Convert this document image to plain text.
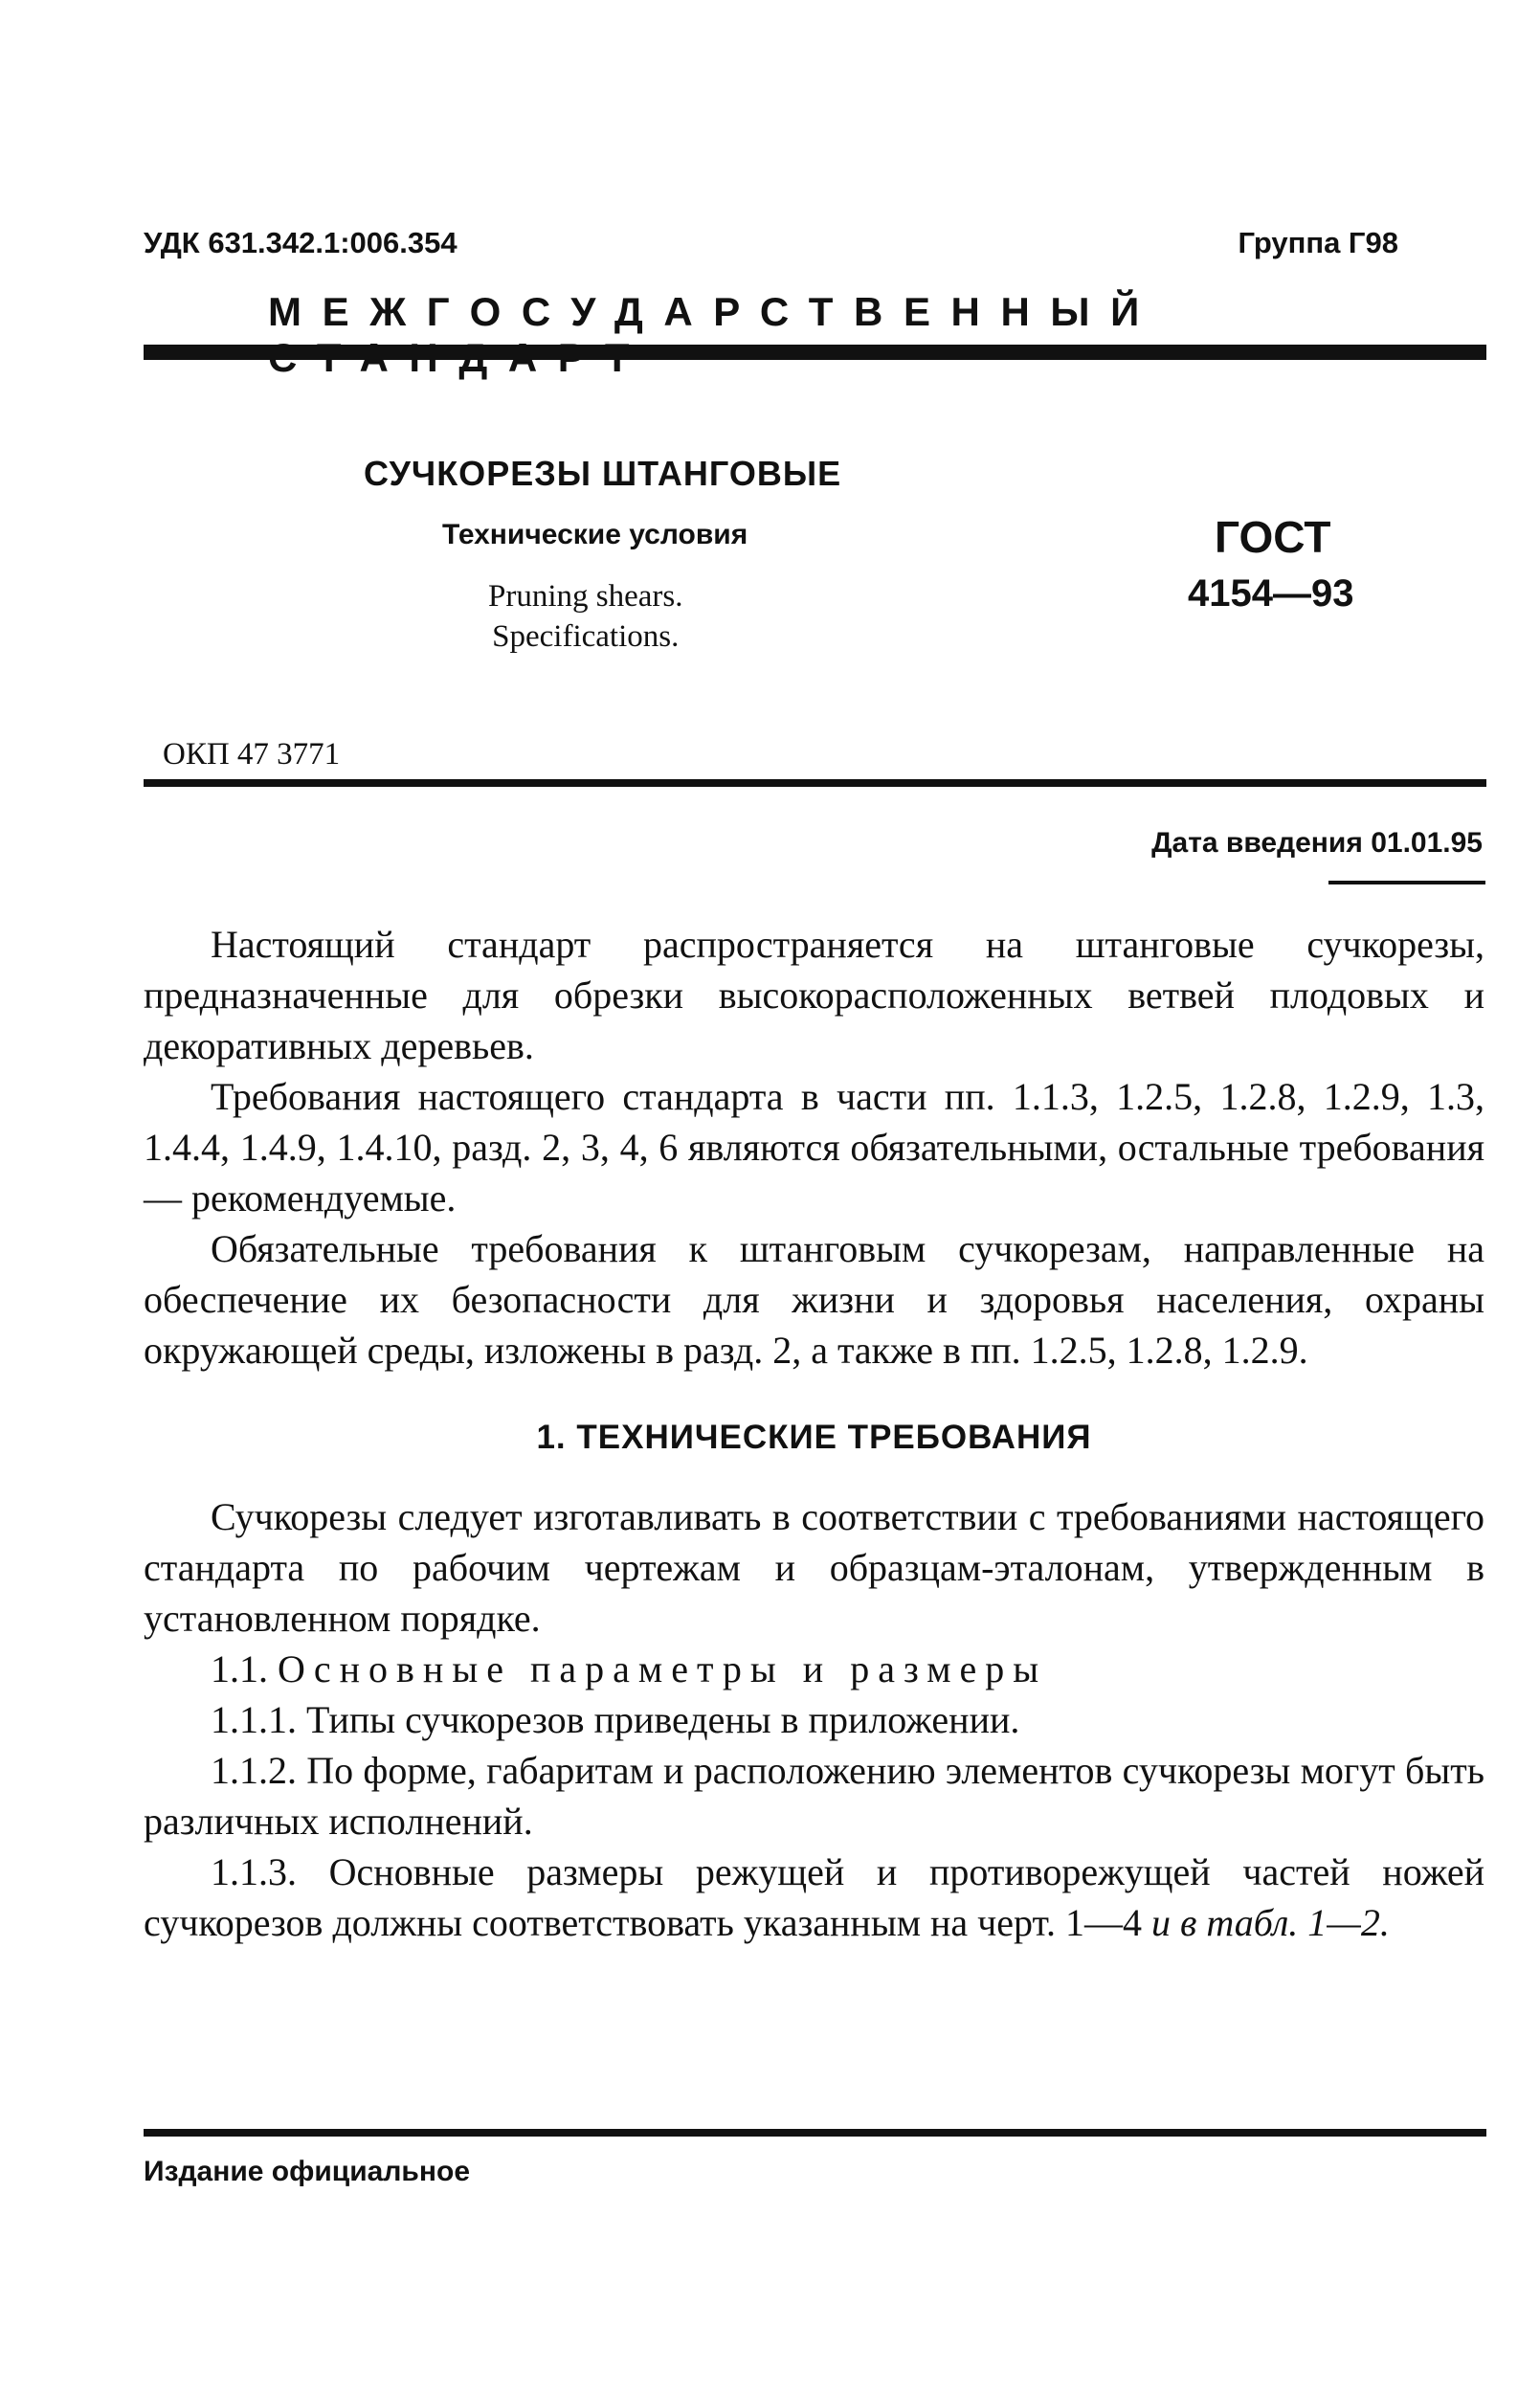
УДК 631.342.1:006.354	Группа Г98
МЕЖГОСУДАРСТВЕННЫЙ
СУЧКОРЕЗЫ ШТАНГОВЫЕ
Технические условия
Pruning shears.
Specifications.
ГОСТ
4154—93
ОКП 47 3771
Дата введения 01.01.95

Настоящий стандарт распространяется на штанговые сучкорезы, предназначенные для обрезки высокорасположенных ветвей плодовых и декоративных деревьев.

Требования настоящего стандарта в части пп. 1.1.3, 1.2.5, 1.2.8, 1.2.9, 1.3, 1.4.4, 1.4.9, 1.4.10, разд. 2, 3, 4, 6 являются обязательными, остальные требования — рекомендуемые.

Обязательные требования к штанговым сучкорезам, направленные на обеспечение их безопасности для жизни и здоровья населения, охраны окружающей среды, изложены в разд. 2, а также в пп. 1.2.5, 1.2.8, 1.2.9.

1. ТЕХНИЧЕСКИЕ ТРЕБОВАНИЯ

Сучкорезы следует изготавливать в соответствии с требованиями настоящего стандарта по рабочим чертежам и образцам-эталонам, утвержденным в установленном порядке.

1.1. Основные параметры и размеры

1.1.1. Типы сучкорезов приведены в приложении.

1.1.2. По форме, габаритам и расположению элементов сучкорезы могут быть различных исполнений.

1.1.3. Основные размеры режущей и противорежущей частей ножей сучкорезов должны соответствовать указанным на черт. 1—4 и в табл. 1—2.

Издание официальное
